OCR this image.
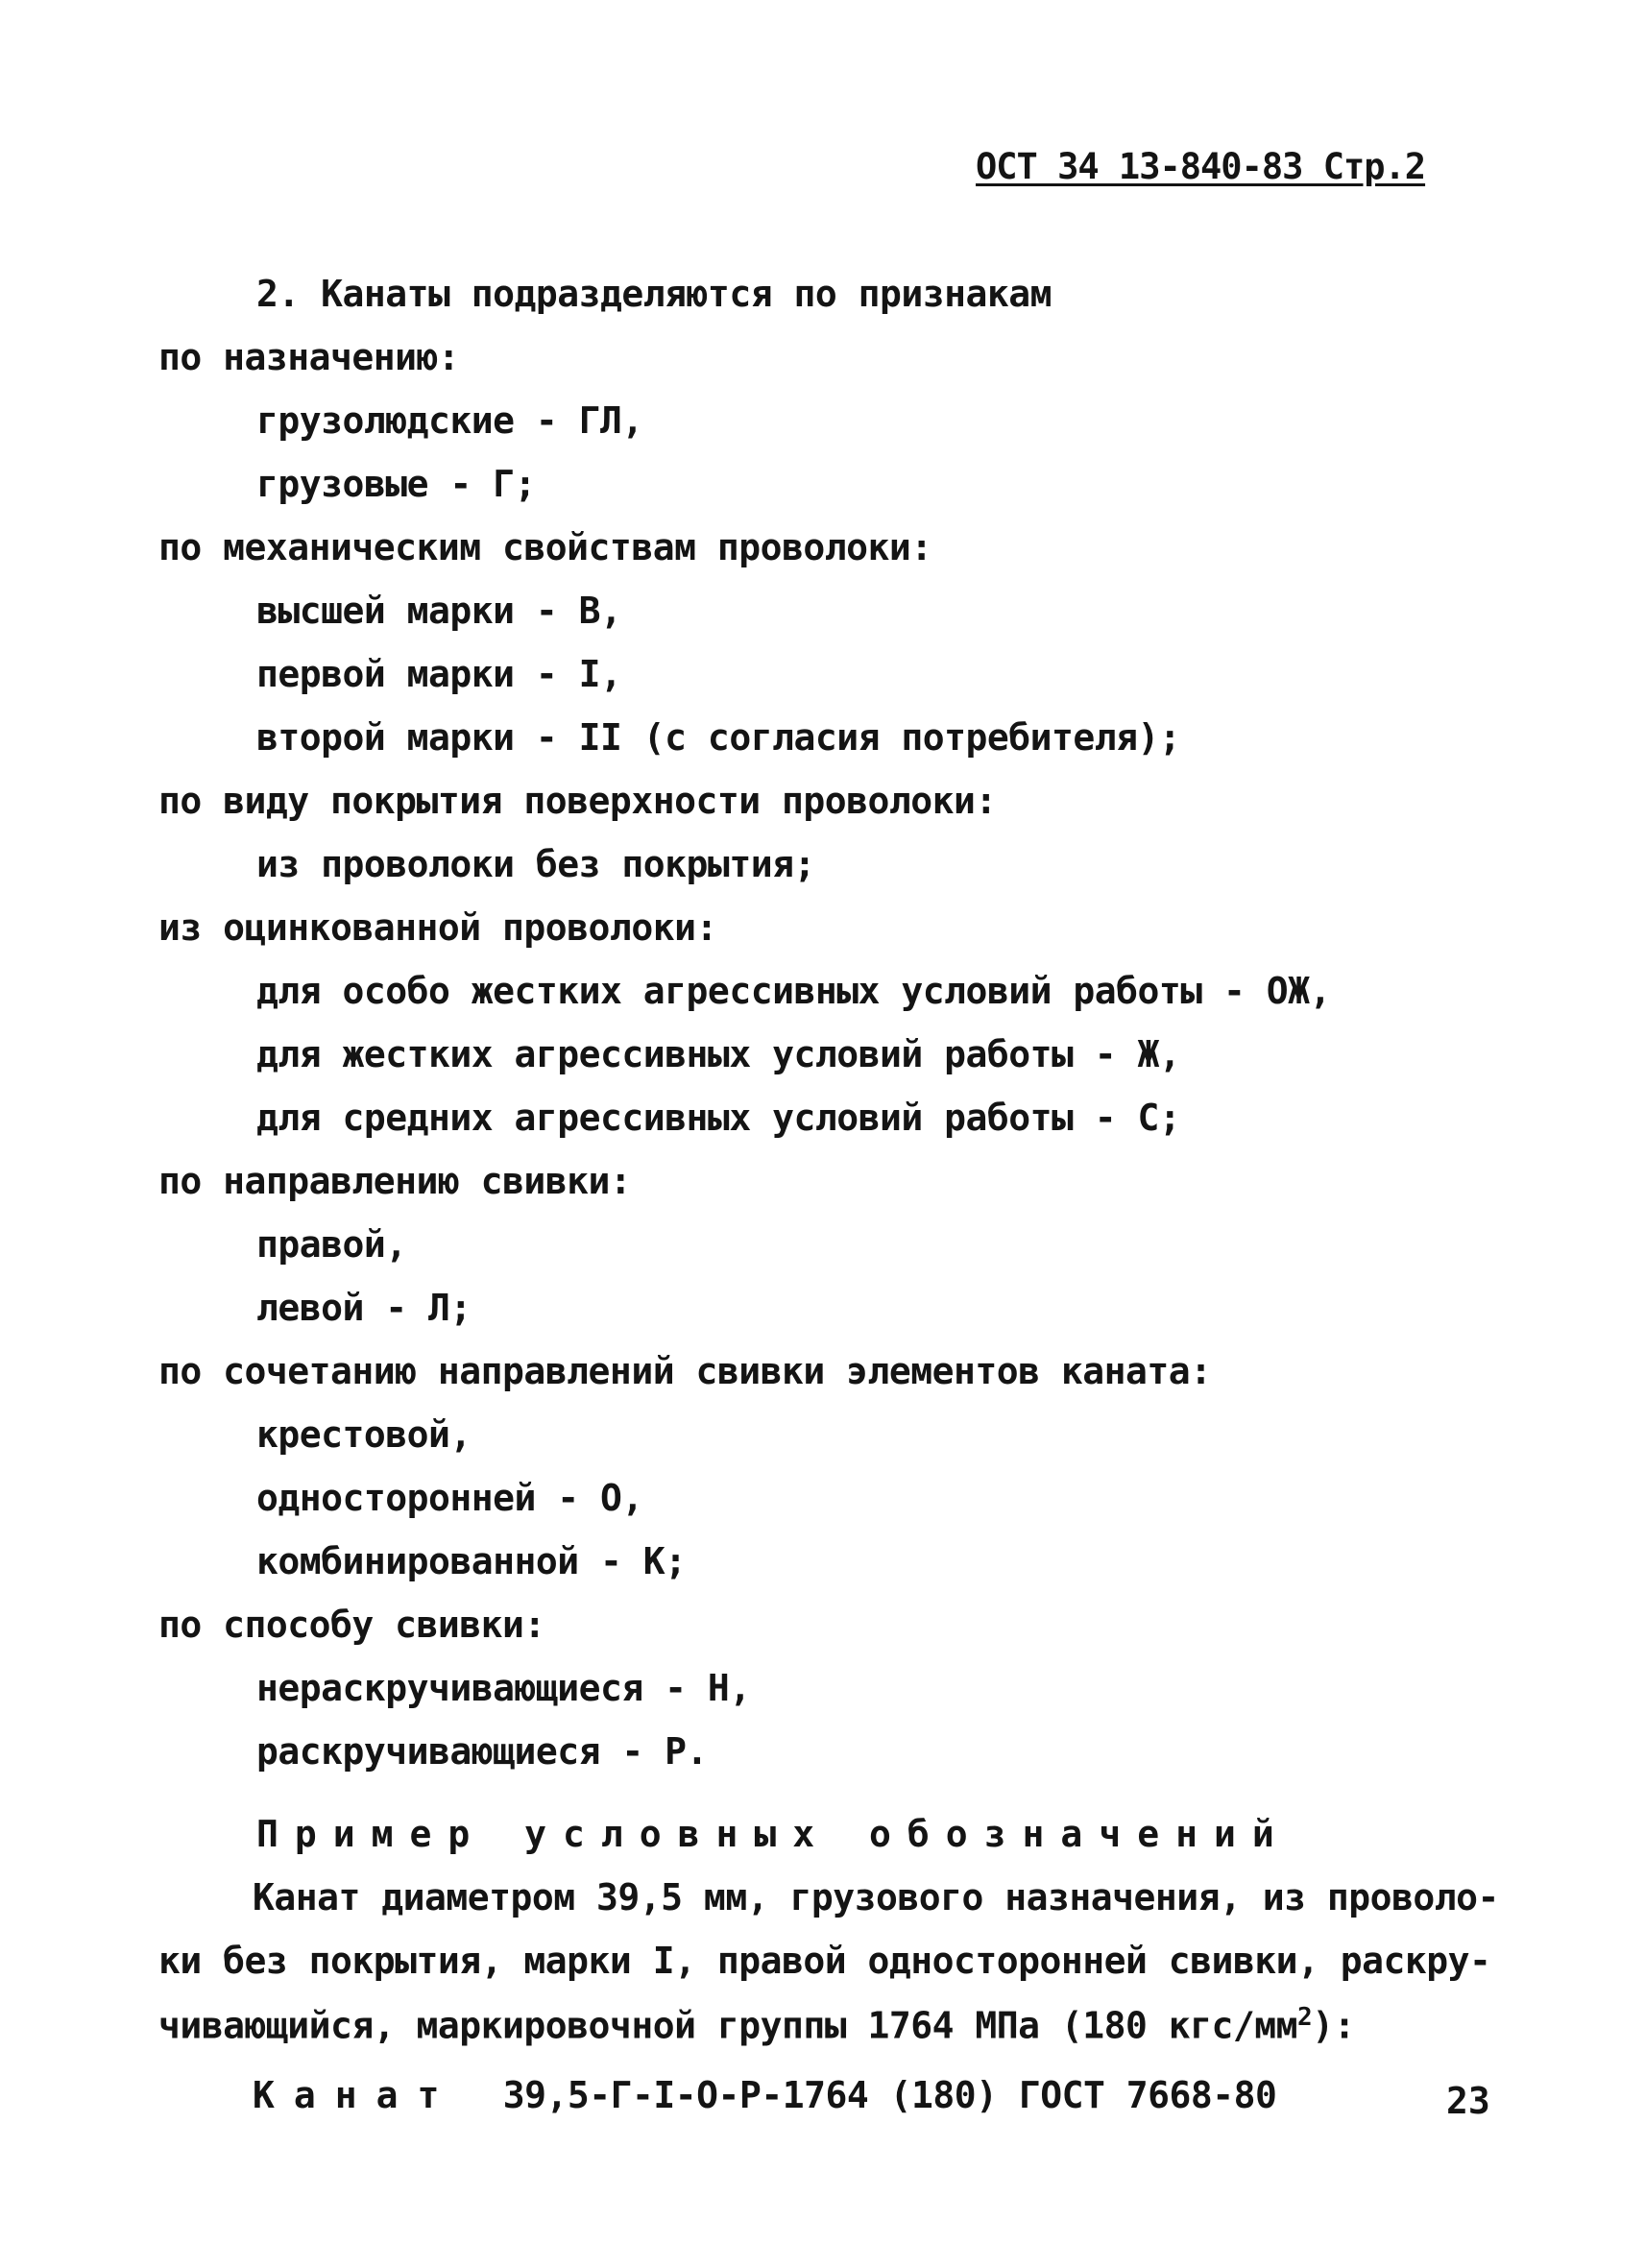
ОСТ 34 13-840-83 Стр.2
2. Канаты подразделяются по признакам
по назначению:
грузолюдские - ГЛ,
грузовые - Г;
по механическим свойствам проволоки:
высшей марки - В,
первой марки - I,
второй марки - II (с согласия потребителя);
по виду покрытия поверхности проволоки:
из проволоки без покрытия;
из оцинкованной проволоки:
для особо жестких агрессивных условий работы - ОЖ,
для жестких агрессивных условий работы - Ж,
для средних агрессивных условий работы - С;
по направлению свивки:
правой,
левой - Л;
по сочетанию направлений свивки элементов каната:
крестовой,
односторонней - О,
комбинированной - К;
по способу свивки:
нераскручивающиеся - Н,
раскручивающиеся - Р.
Пример условных обозначений
Канат диаметром 39,5 мм, грузового назначения, из проволо-
ки без покрытия, марки I, правой односторонней свивки, раскру-
чивающийся, маркировочной группы 1764 МПа (180 кгс/$мм^2$):
Канат 39,5-Г-I-О-Р-1764 (180) ГОСТ 7668-80	23
